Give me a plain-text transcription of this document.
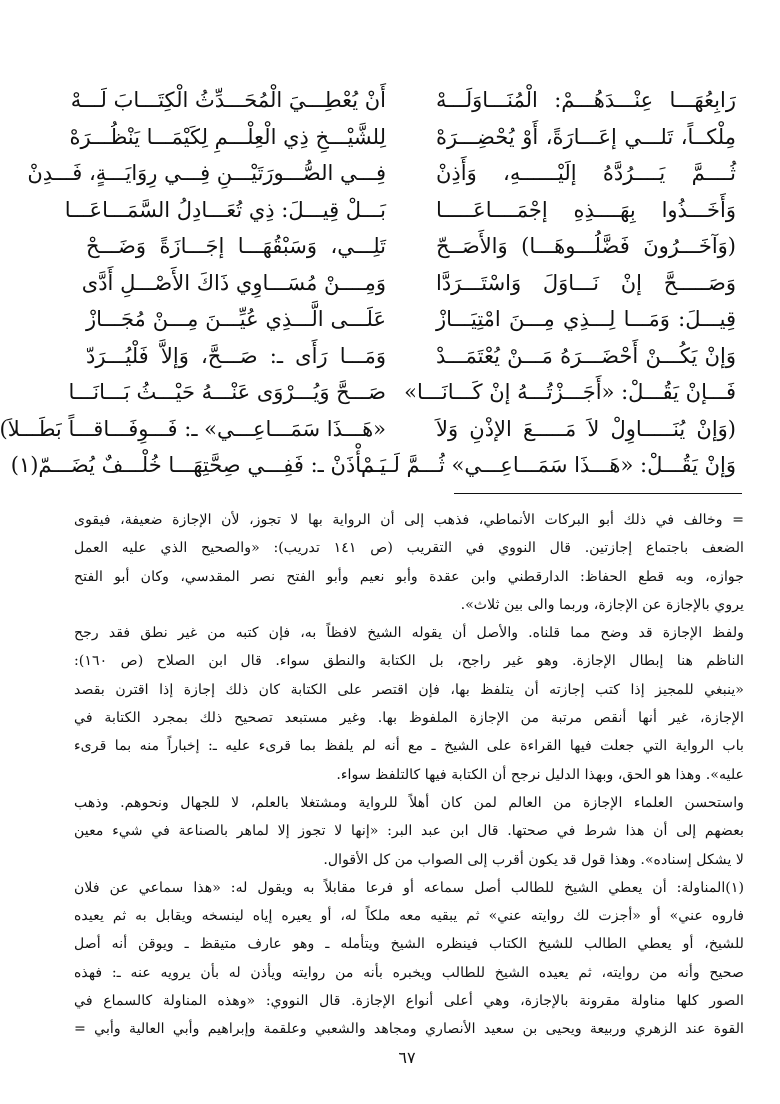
رَابِعُهَـــا عِنْـــدَهُـــمْ: الْمُنَـــاوَلَـــهْ
مِلْكــاً، تَلـــي إعَـــارَةً، أَوْ يُحْضِـــرَهْ
ثُــــمَّ يَــــرُدَّهُ إلَيْــــــهِ، وَأَذِنْ
وَأَخَـــذُوا بِهَــــذِهِ إجْمَــــاعَـــــا
(وَآخَـــرُونَ فَضَّلُـــوهَـــا) وَالأَصَــحّ
وَصَـــــحَّ إنْ نَـــاوَلَ وَاسْتَـــرَدَّا
قِيـــلَ: وَمَـــا لِـــذِي مِـــنَ امْتِيَـــازْ
وَإنْ يَكُـــنْ أَحْضَـــرَهُ مَـــنْ يُعْتَمَـــدْ
فَـــإنْ يَقُـــلْ: «أَجَـــزْتُـــهُ إنْ كَـــانَـــا»
(وَإنْ يُنَـــــاوِلْ لاَ مَـــــعَ الإذْنِ وَلاَ
وَإنْ يَقُـــلْ: «هَـــذَا سَمَـــاعِـــي» ثُـــمَّ لَـــمْ
أَنْ يُعْطِـــيَ الْمُحَـــدِّثُ الْكِتَـــابَ لَـــهْ
لِلشَّيْـــخِ ذِي الْعِلْـــمِ لِكَيْمَـــا يَنْظُـــرَهْ
فِـــي الصُّـــورَتَيْـــنِ فِـــي رِوَايَـــةٍ، فَـــدِنْ
بَـــلْ قِيـــلَ: ذِي تُعَـــادِلُ السَّمَـــاعَـــا
تَلِـــي، وَسَبْقُهَـــا إجَـــازَةً وَضَـــحْ
وَمِــــنْ مُسَـــاوِي ذَاكَ الأَصْـــلِ أَدَّى
عَلَـــى الَّـــذِي عُيِّـــنَ مِـــنْ مُجَـــازْ
وَمَـــا رَأَى ـ: صَـــحَّ، وَإلاَّ فَلْيُـــرَدّ
صَـــحَّ وَيُـــرْوَى عَنْـــهُ حَيْـــثُ بَـــانَـــا
«هَـــذَا سَمَـــاعِـــي» ـ: فَـــوِفَـــاقـــاً بَطَـــلاَ)
يَـــأْذَنْ ـ: فَفِـــي صِحَّتِهَـــا خُلْـــفٌ يُضَـــمّ(١)

= وخالف في ذلك أبو البركات الأنماطي، فذهب إلى أن الرواية بها لا تجوز، لأن الإجازة ضعيفة، فيقوى
الضعف باجتماع إجازتين. قال النووي في التقريب (ص ١٤١ تدريب): «والصحيح الذي عليه العمل
جوازه، وبه قطع الحفاظ: الدارقطني وابن عقدة وأبو نعيم وأبو الفتح نصر المقدسي، وكان أبو الفتح
يروي بالإجازة عن الإجازة، وربما والى بين ثلاث».

ولفظ الإجازة قد وضح مما قلناه. والأصل أن يقوله الشيخ لافظاً به، فإن كتبه من غير نطق فقد رجح
الناظم هنا إبطال الإجازة. وهو غير راجح، بل الكتابة والنطق سواء. قال ابن الصلاح (ص ١٦٠):
«ينبغي للمجيز إذا كتب إجازته أن يتلفظ بها، فإن اقتصر على الكتابة كان ذلك إجازة إذا اقترن بقصد
الإجازة، غير أنها أنقص مرتبة من الإجازة الملفوظ بها. وغير مستبعد تصحيح ذلك بمجرد الكتابة في
باب الرواية التي جعلت فيها القراءة على الشيخ ـ مع أنه لم يلفظ بما قرىء عليه ـ: إخباراً منه بما قرىء
عليه». وهذا هو الحق، وبهذا الدليل نرجح أن الكتابة فيها كالتلفظ سواء.

واستحسن العلماء الإجازة من العالم لمن كان أهلاً للرواية ومشتغلا بالعلم، لا للجهال ونحوهم. وذهب
بعضهم إلى أن هذا شرط في صحتها. قال ابن عبد البر: «إنها لا تجوز إلا لماهر بالصناعة في شيء معين
لا يشكل إسناده». وهذا قول قد يكون أقرب إلى الصواب من كل الأقوال.

(١)المناولة: أن يعطي الشيخ للطالب أصل سماعه أو فرعا مقابلاً به ويقول له: «هذا سماعي عن فلان
فاروه عني» أو «أجزت لك روايته عني» ثم يبقيه معه ملكاً له، أو يعيره إياه لينسخه ويقابل به ثم يعيده
للشيخ، أو يعطي الطالب للشيخ الكتاب فينظره الشيخ ويتأمله ـ وهو عارف متيقظ ـ ويوقن أنه أصل
صحيح وأنه من روايته، ثم يعيده الشيخ للطالب ويخبره بأنه من روايته ويأذن له بأن يرويه عنه ـ: فهذه
الصور كلها مناولة مقرونة بالإجازة، وهي أعلى أنواع الإجازة. قال النووي: «وهذه المناولة كالسماع في
القوة عند الزهري وربيعة ويحيى بن سعيد الأنصاري ومجاهد والشعبي وعلقمة وإبراهيم وأبي العالية وأبي =

٦٧
